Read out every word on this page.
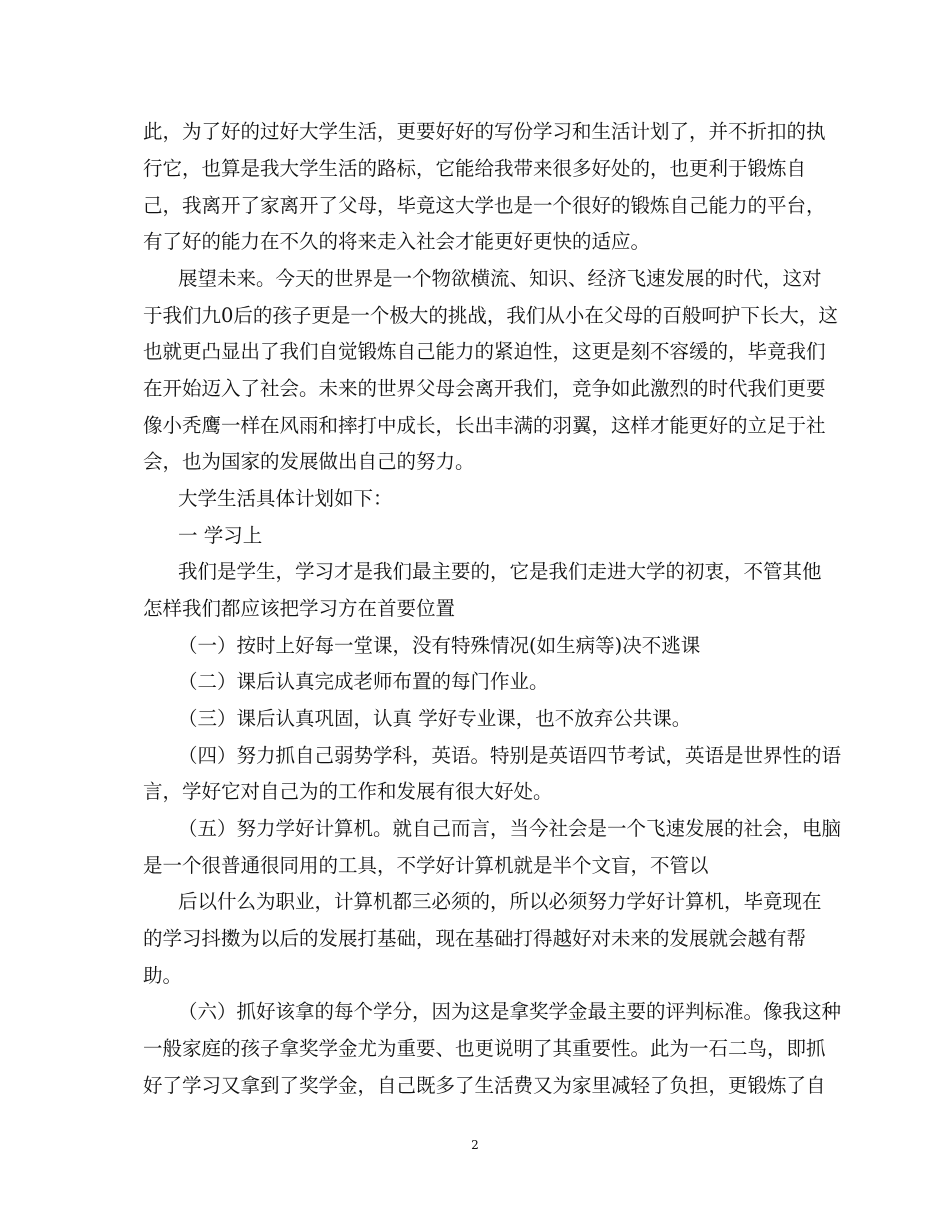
此，为了好的过好大学生活，更要好好的写份学习和生活计划了，并不折扣的执
行它，也算是我大学生活的路标，它能给我带来很多好处的，也更利于锻炼自
己，我离开了家离开了父母，毕竟这大学也是一个很好的锻炼自己能力的平台，
有了好的能力在不久的将来走入社会才能更好更快的适应。
展望未来。今天的世界是一个物欲横流、知识、经济飞速发展的时代，这对
于我们九0后的孩子更是一个极大的挑战，我们从小在父母的百般呵护下长大，这
也就更凸显出了我们自觉锻炼自己能力的紧迫性，这更是刻不容缓的，毕竟我们
在开始迈入了社会。未来的世界父母会离开我们，竞争如此激烈的时代我们更要
像小秃鹰一样在风雨和摔打中成长，长出丰满的羽翼，这样才能更好的立足于社
会，也为国家的发展做出自己的努力。
大学生活具体计划如下：
一 学习上
我们是学生，学习才是我们最主要的，它是我们走进大学的初衷，不管其他
怎样我们都应该把学习方在首要位置
（一）按时上好每一堂课，没有特殊情况(如生病等)决不逃课
（二）课后认真完成老师布置的每门作业。
（三）课后认真巩固，认真 学好专业课，也不放弃公共课。
（四）努力抓自己弱势学科，英语。特别是英语四节考试，英语是世界性的语
言，学好它对自己为的工作和发展有很大好处。
（五）努力学好计算机。就自己而言，当今社会是一个飞速发展的社会，电脑
是一个很普通很同用的工具，不学好计算机就是半个文盲，不管以
后以什么为职业，计算机都三必须的，所以必须努力学好计算机，毕竟现在
的学习抖擞为以后的发展打基础，现在基础打得越好对未来的发展就会越有帮
助。
（六）抓好该拿的每个学分，因为这是拿奖学金最主要的评判标准。像我这种
一般家庭的孩子拿奖学金尤为重要、也更说明了其重要性。此为一石二鸟，即抓
好了学习又拿到了奖学金，自己既多了生活费又为家里减轻了负担，更锻炼了自
2
